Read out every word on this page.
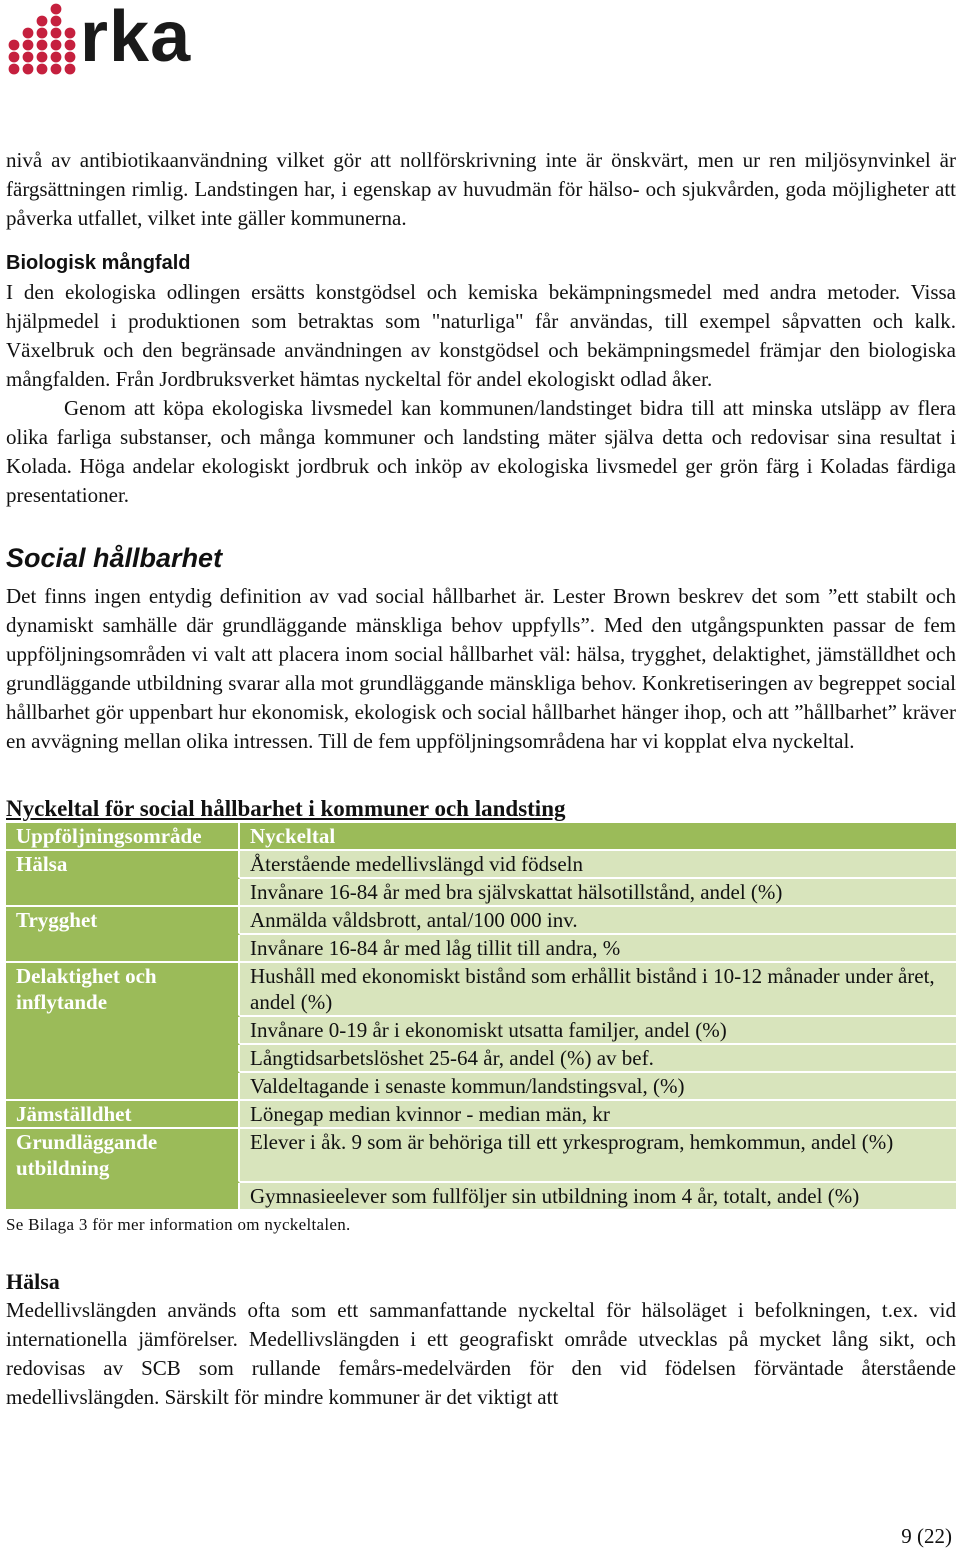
rka

nivå av antibiotikaanvändning vilket gör att nollförskrivning inte är önskvärt, men ur ren miljösynvinkel är färgsättningen rimlig. Landstingen har, i egenskap av huvudmän för hälso- och sjukvården, goda möjligheter att påverka utfallet, vilket inte gäller kommunerna.

Biologisk mångfald

I den ekologiska odlingen ersätts konstgödsel och kemiska bekämpningsmedel med andra metoder. Vissa hjälpmedel i produktionen som betraktas som "naturliga" får användas, till exempel såpvatten och kalk. Växelbruk och den begränsade användningen av konstgödsel och bekämpningsmedel främjar den biologiska mångfalden. Från Jordbruksverket hämtas nyckeltal för andel ekologiskt odlad åker.

Genom att köpa ekologiska livsmedel kan kommunen/landstinget bidra till att minska utsläpp av flera olika farliga substanser, och många kommuner och landsting mäter själva detta och redovisar sina resultat i Kolada. Höga andelar ekologiskt jordbruk och inköp av ekologiska livsmedel ger grön färg i Koladas färdiga presentationer.

Social hållbarhet

Det finns ingen entydig definition av vad social hållbarhet är. Lester Brown beskrev det som ”ett stabilt och dynamiskt samhälle där grundläggande mänskliga behov uppfylls”. Med den utgångspunkten passar de fem uppföljningsområden vi valt att placera inom social hållbarhet väl: hälsa, trygghet, delaktighet, jämställdhet och grundläggande utbildning svarar alla mot grundläggande mänskliga behov. Konkretiseringen av begreppet social hållbarhet gör uppenbart hur ekonomisk, ekologisk och social hållbarhet hänger ihop, och att ”hållbarhet” kräver en avvägning mellan olika intressen. Till de fem uppföljningsområdena har vi kopplat elva nyckeltal.

Nyckeltal för social hållbarhet i kommuner och landsting
Uppföljningsområde	Nyckeltal
Hälsa	Återstående medellivslängd vid födseln
	Invånare 16-84 år med bra självskattat hälsotillstånd, andel (%)
Trygghet	Anmälda våldsbrott, antal/100 000 inv.
	Invånare 16-84 år med låg tillit till andra, %
Delaktighet och inflytande	Hushåll med ekonomiskt bistånd som erhållit bistånd i 10-12 månader under året, andel (%)
	Invånare 0-19 år i ekonomiskt utsatta familjer, andel (%)
	Långtidsarbetslöshet 25-64 år, andel (%) av bef.
	Valdeltagande i senaste kommun/landstingsval, (%)
Jämställdhet	Lönegap median kvinnor - median män, kr
Grundläggande utbildning	Elever i åk. 9 som är behöriga till ett yrkesprogram, hemkommun, andel (%)
	Gymnasieelever som fullföljer sin utbildning inom 4 år, totalt, andel (%)
Se Bilaga 3 för mer information om nyckeltalen.
Hälsa

Medellivslängden används ofta som ett sammanfattande nyckeltal för hälsoläget i befolkningen, t.ex. vid internationella jämförelser. Medellivslängden i ett geografiskt område utvecklas på mycket lång sikt, och redovisas av SCB som rullande femårs-medelvärden för den vid födelsen förväntade återstående medellivslängden. Särskilt för mindre kommuner är det viktigt att

9 (22)
